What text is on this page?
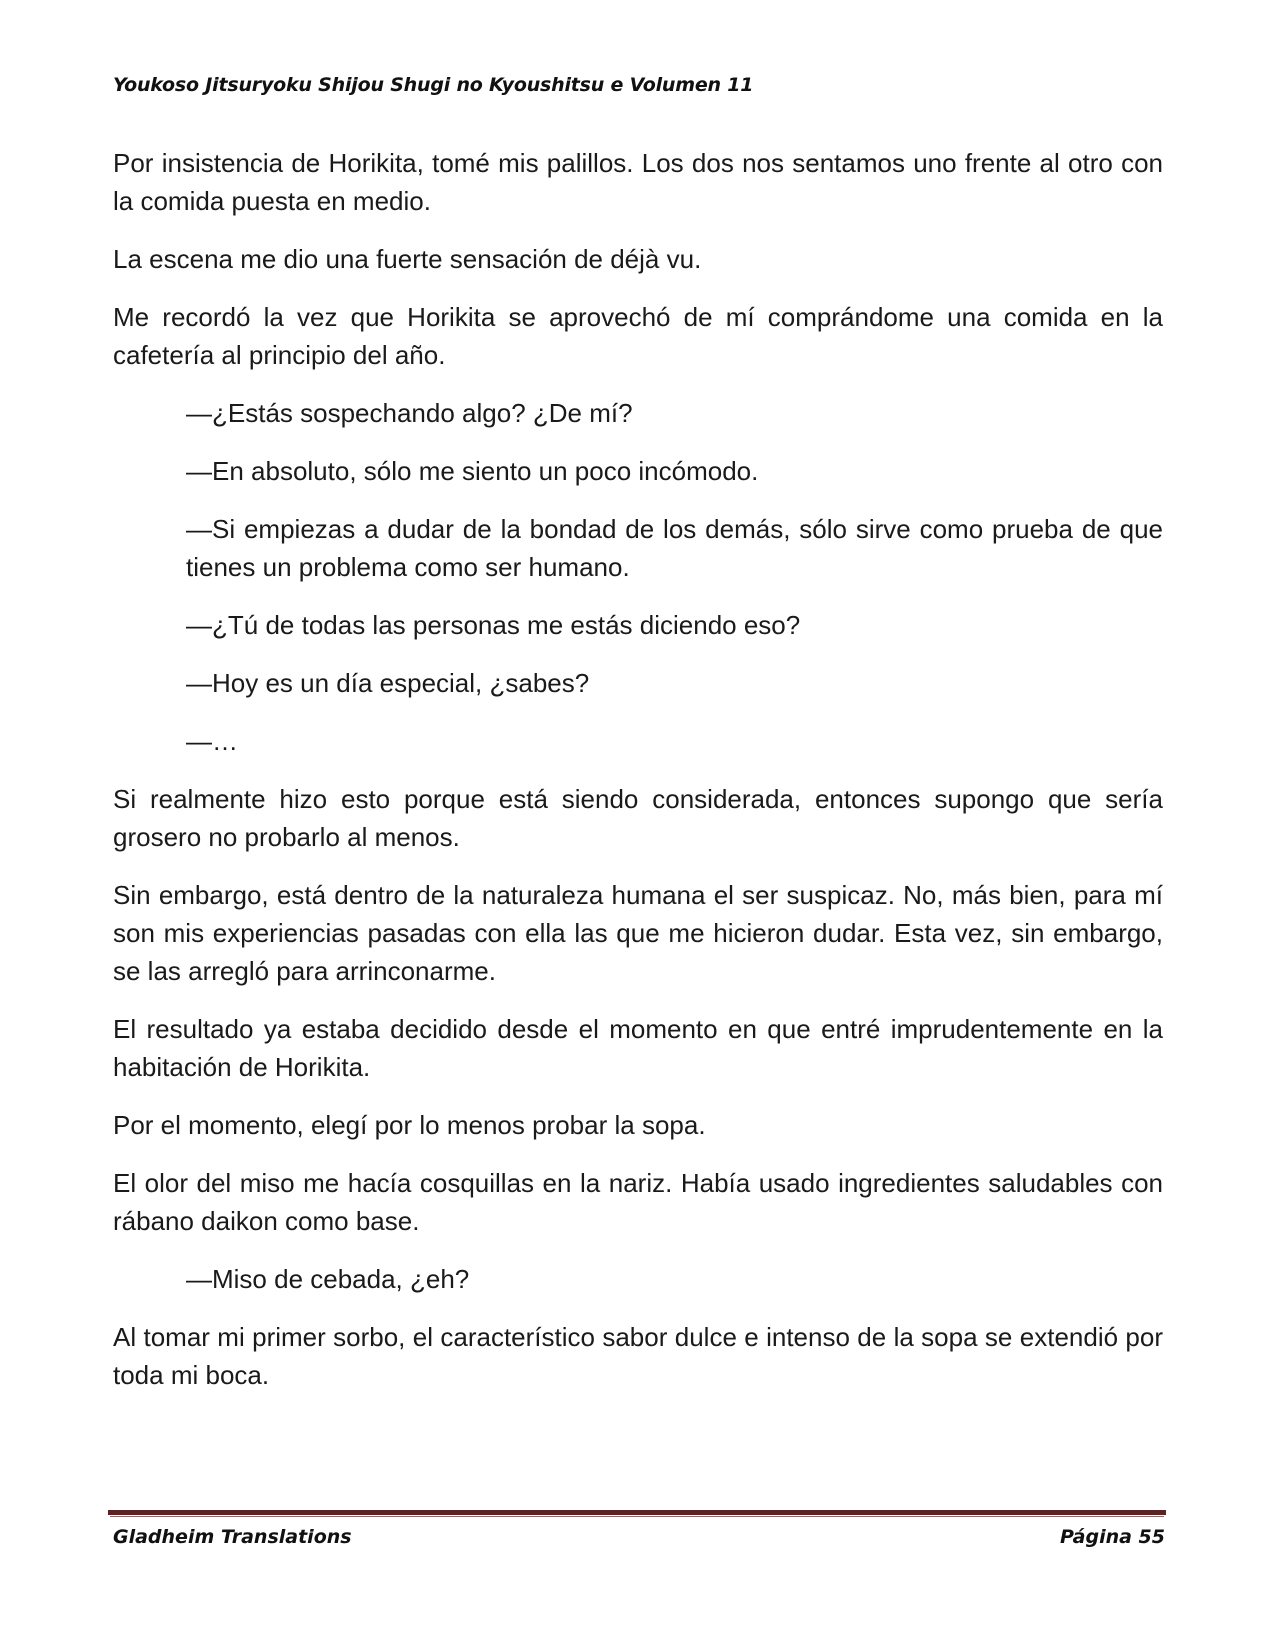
Youkoso Jitsuryoku Shijou Shugi no Kyoushitsu e Volumen 11

Por insistencia de Horikita, tomé mis palillos. Los dos nos sentamos uno frente al otro con la comida puesta en medio.

La escena me dio una fuerte sensación de déjà vu.

Me recordó la vez que Horikita se aprovechó de mí comprándome una comida en la cafetería al principio del año.

—¿Estás sospechando algo? ¿De mí?

—En absoluto, sólo me siento un poco incómodo.

—Si empiezas a dudar de la bondad de los demás, sólo sirve como prueba de que tienes un problema como ser humano.

—¿Tú de todas las personas me estás diciendo eso?

—Hoy es un día especial, ¿sabes?

—…

Si realmente hizo esto porque está siendo considerada, entonces supongo que sería grosero no probarlo al menos.

Sin embargo, está dentro de la naturaleza humana el ser suspicaz. No, más bien, para mí son mis experiencias pasadas con ella las que me hicieron dudar. Esta vez, sin embargo, se las arregló para arrinconarme.

El resultado ya estaba decidido desde el momento en que entré imprudentemente en la habitación de Horikita.

Por el momento, elegí por lo menos probar la sopa.

El olor del miso me hacía cosquillas en la nariz. Había usado ingredientes saludables con rábano daikon como base.

—Miso de cebada, ¿eh?

Al tomar mi primer sorbo, el característico sabor dulce e intenso de la sopa se extendió por toda mi boca.

Gladheim Translations	Página 55
